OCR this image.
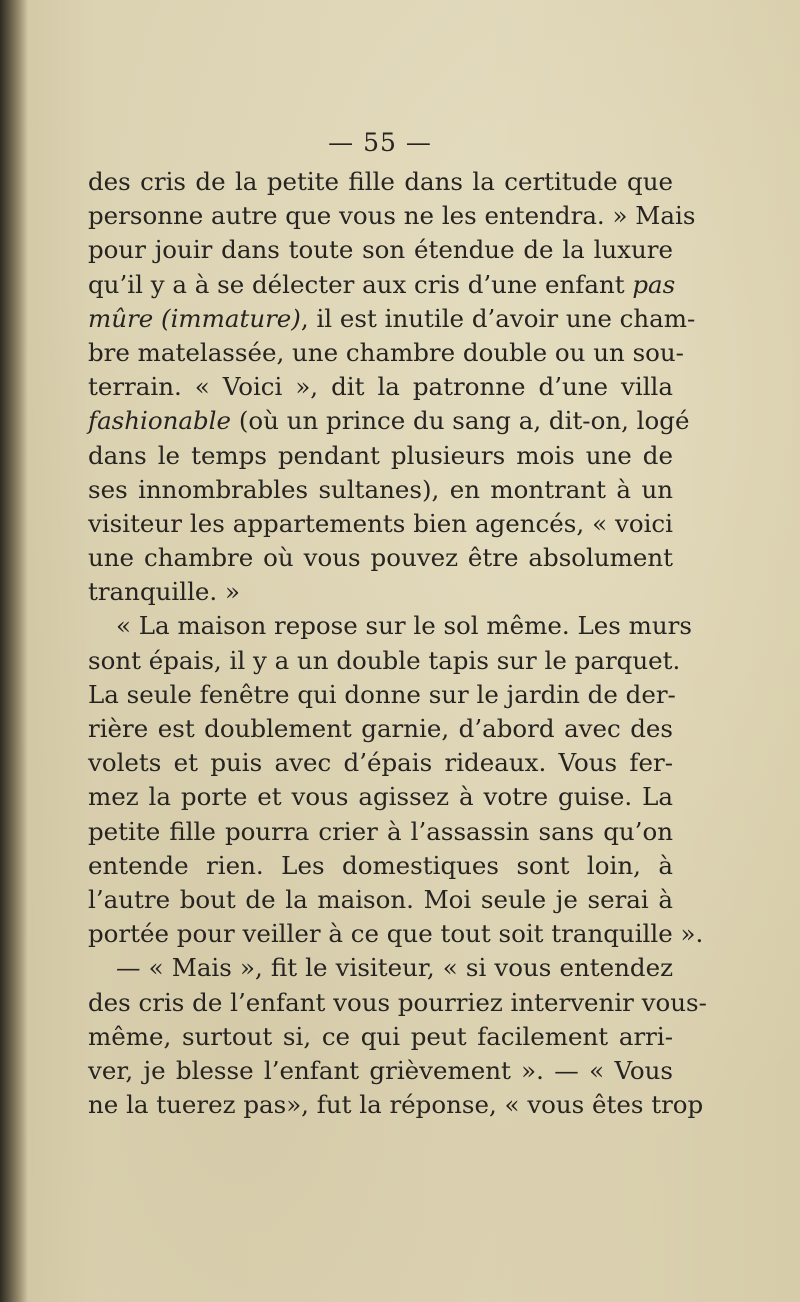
— 55 —
des cris de la petite fille dans la certitude que
personne autre que vous ne les entendra. » Mais
pour jouir dans toute son étendue de la luxure
qu’il y a à se délecter aux cris d’une enfant pas
mûre (immature), il est inutile d’avoir une cham-
bre matelassée, une chambre double ou un sou-
terrain. « Voici », dit la patronne d’une villa
fashionable (où un prince du sang a, dit-on, logé
dans le temps pendant plusieurs mois une de
ses innombrables sultanes), en montrant à un
visiteur les appartements bien agencés, « voici
une chambre où vous pouvez être absolument
tranquille. »
« La maison repose sur le sol même. Les murs
sont épais, il y a un double tapis sur le parquet.
La seule fenêtre qui donne sur le jardin de der-
rière est doublement garnie, d’abord avec des
volets et puis avec d’épais rideaux. Vous fer-
mez la porte et vous agissez à votre guise. La
petite fille pourra crier à l’assassin sans qu’on
entende rien. Les domestiques sont loin, à
l’autre bout de la maison. Moi seule je serai à
portée pour veiller à ce que tout soit tranquille ».
— « Mais », fit le visiteur, « si vous entendez
des cris de l’enfant vous pourriez intervenir vous-
même, surtout si, ce qui peut facilement arri-
ver, je blesse l’enfant grièvement ». — « Vous
ne la tuerez pas», fut la réponse, « vous êtes trop
